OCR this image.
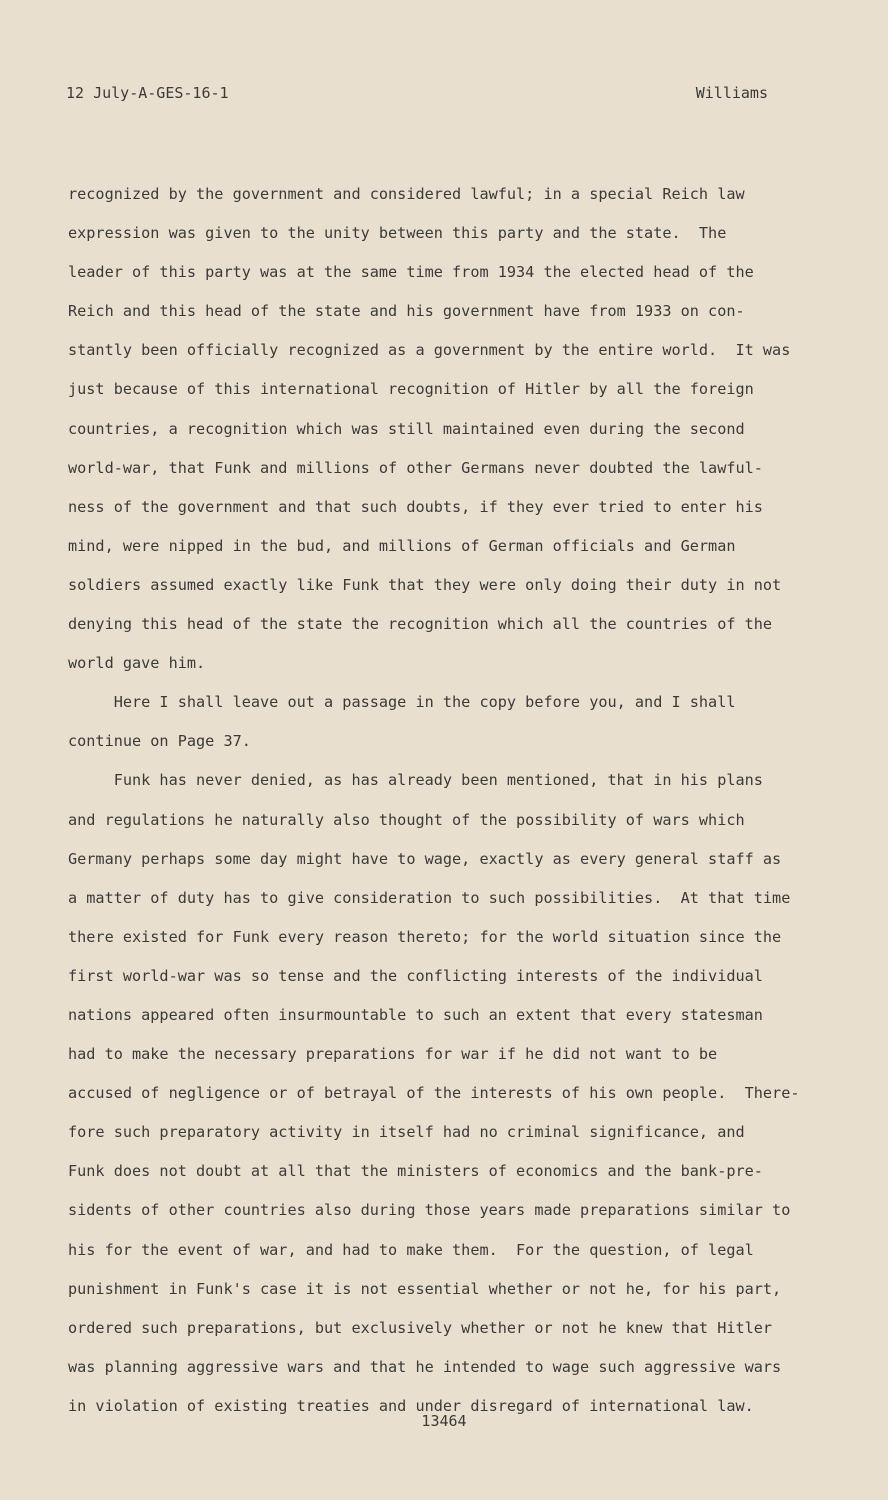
12 July-A-GES-16-1	Williams
recognized by the government and considered lawful; in a special Reich law
expression was given to the unity between this party and the state.  The
leader of this party was at the same time from 1934 the elected head of the
Reich and this head of the state and his government have from 1933 on con-
stantly been officially recognized as a government by the entire world.  It was
just because of this international recognition of Hitler by all the foreign
countries, a recognition which was still maintained even during the second
world-war, that Funk and millions of other Germans never doubted the lawful-
ness of the government and that such doubts, if they ever tried to enter his
mind, were nipped in the bud, and millions of German officials and German
soldiers assumed exactly like Funk that they were only doing their duty in not
denying this head of the state the recognition which all the countries of the
world gave him.
Here I shall leave out a passage in the copy before you, and I shall
continue on Page 37.
Funk has never denied, as has already been mentioned, that in his plans
and regulations he naturally also thought of the possibility of wars which
Germany perhaps some day might have to wage, exactly as every general staff as
a matter of duty has to give consideration to such possibilities.  At that time
there existed for Funk every reason thereto; for the world situation since the
first world-war was so tense and the conflicting interests of the individual
nations appeared often insurmountable to such an extent that every statesman
had to make the necessary preparations for war if he did not want to be
accused of negligence or of betrayal of the interests of his own people.  There-
fore such preparatory activity in itself had no criminal significance, and
Funk does not doubt at all that the ministers of economics and the bank-pre-
sidents of other countries also during those years made preparations similar to
his for the event of war, and had to make them.  For the question, of legal
punishment in Funk's case it is not essential whether or not he, for his part,
ordered such preparations, but exclusively whether or not he knew that Hitler
was planning aggressive wars and that he intended to wage such aggressive wars
in violation of existing treaties and under disregard of international law.
13464
